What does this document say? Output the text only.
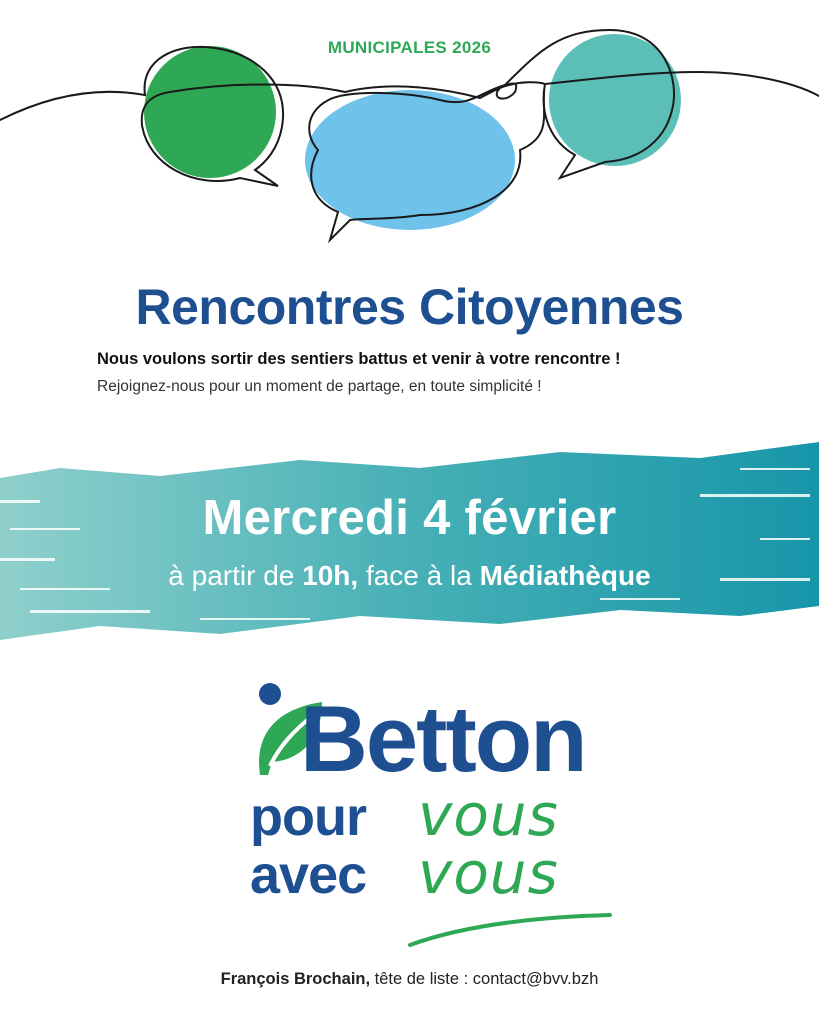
MUNICIPALES 2026
Rencontres Citoyennes
Nous voulons sortir des sentiers battus et venir à votre rencontre !
Rejoignez-nous pour un moment de partage, en toute simplicité !
Mercredi 4 février
à partir de 10h, face à la Médiathèque
Betton
pour vous
avec vous
François Brochain, tête de liste : contact@bvv.bzh
